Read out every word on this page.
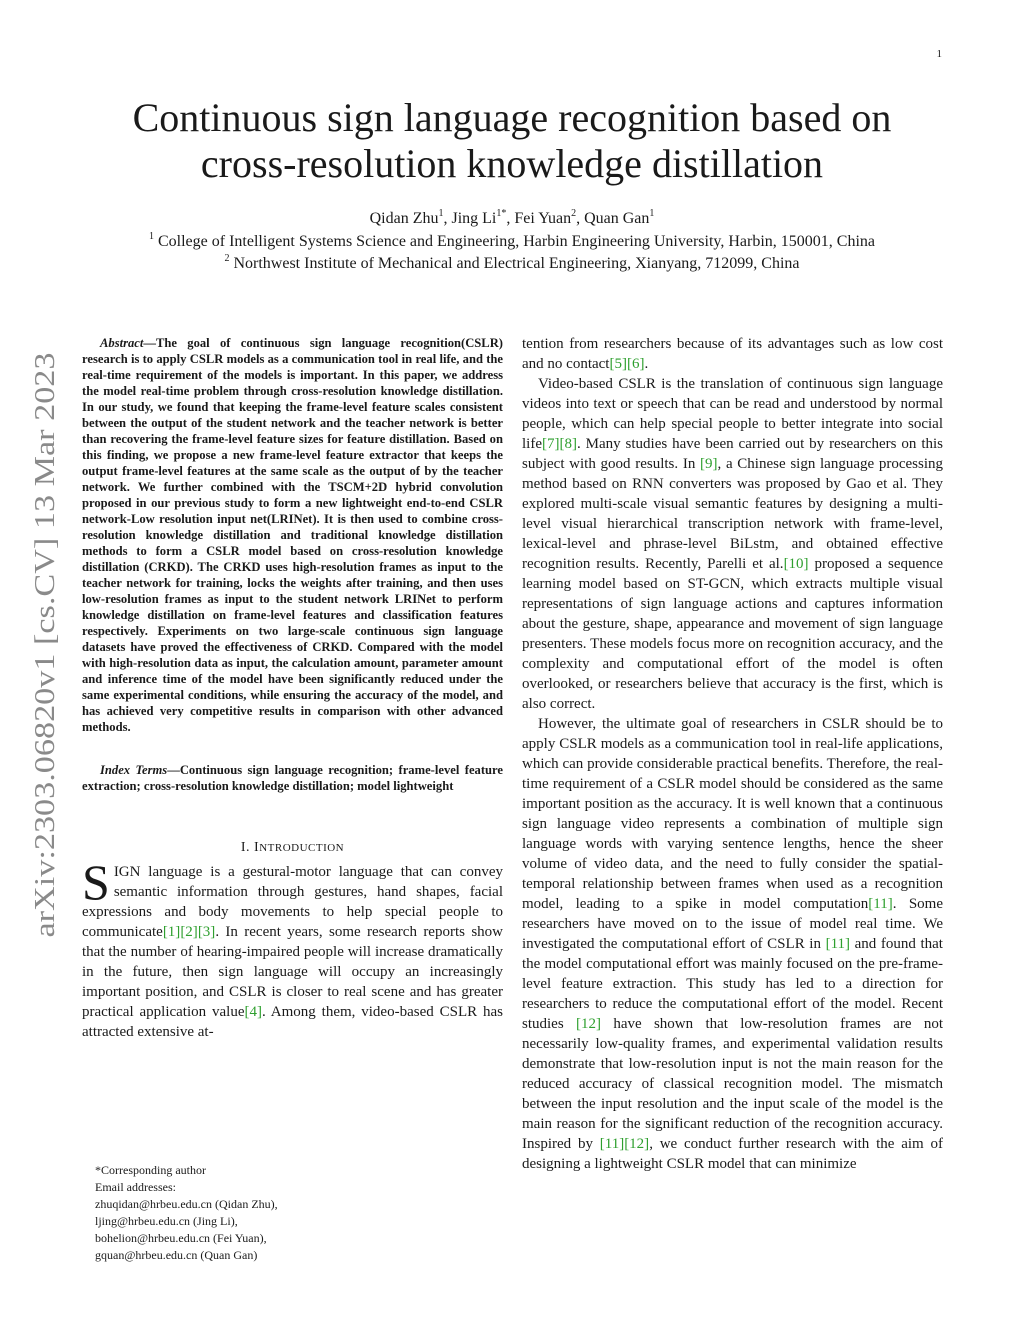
1
arXiv:2303.06820v1 [cs.CV] 13 Mar 2023
Continuous sign language recognition based on
cross-resolution knowledge distillation
Qidan Zhu$^1$, Jing $Li^{1*}$, Fei Yuan$^2$, Quan Gan$^1$
$^1$ College of Intelligent Systems Science and Engineering, Harbin Engineering University, Harbin, 150001, China
$^2$ Northwest Institute of Mechanical and Electrical Engineering, Xianyang, 712099, China

Abstract—The goal of continuous sign language recognition(CSLR) research is to apply CSLR models as a communication tool in real life, and the real-time requirement of the models is important. In this paper, we address the model real-time problem through cross-resolution knowledge distillation. In our study, we found that keeping the frame-level feature scales consistent between the output of the student network and the teacher network is better than recovering the frame-level feature sizes for feature distillation. Based on this finding, we propose a new frame-level feature extractor that keeps the output frame-level features at the same scale as the output of by the teacher network. We further combined with the TSCM+2D hybrid convolution proposed in our previous study to form a new lightweight end-to-end CSLR network-Low resolution input net(LRINet). It is then used to combine cross-resolution knowledge distillation and traditional knowledge distillation methods to form a CSLR model based on cross-resolution knowledge distillation (CRKD). The CRKD uses high-resolution frames as input to the teacher network for training, locks the weights after training, and then uses low-resolution frames as input to the student network LRINet to perform knowledge distillation on frame-level features and classification features respectively. Experiments on two large-scale continuous sign language datasets have proved the effectiveness of CRKD. Compared with the model with high-resolution data as input, the calculation amount, parameter amount and inference time of the model have been significantly reduced under the same experimental conditions, while ensuring the accuracy of the model, and has achieved very competitive results in comparison with other advanced methods.

Index Terms—Continuous sign language recognition; frame-level feature extraction; cross-resolution knowledge distillation; model lightweight

I. INTRODUCTION

SIGN language is a gestural-motor language that can convey semantic information through gestures, hand shapes, facial expressions and body movements to help special people to communicate[1][2][3]. In recent years, some research reports show that the number of hearing-impaired people will increase dramatically in the future, then sign language will occupy an increasingly important position, and CSLR is closer to real scene and has greater practical application value[4]. Among them, video-based CSLR has attracted extensive at-

*Corresponding author
Email addresses:
zhuqidan@hrbeu.edu.cn (Qidan Zhu),
ljing@hrbeu.edu.cn (Jing Li),
bohelion@hrbeu.edu.cn (Fei Yuan),
gquan@hrbeu.edu.cn (Quan Gan)

tention from researchers because of its advantages such as low cost and no contact[5][6].

Video-based CSLR is the translation of continuous sign language videos into text or speech that can be read and understood by normal people, which can help special people to better integrate into social life[7][8]. Many studies have been carried out by researchers on this subject with good results. In [9], a Chinese sign language processing method based on RNN converters was proposed by Gao et al. They explored multi-scale visual semantic features by designing a multi-level visual hierarchical transcription network with frame-level, lexical-level and phrase-level BiLstm, and obtained effective recognition results. Recently, Parelli et al.[10] proposed a sequence learning model based on ST-GCN, which extracts multiple visual representations of sign language actions and captures information about the gesture, shape, appearance and movement of sign language presenters. These models focus more on recognition accuracy, and the complexity and computational effort of the model is often overlooked, or researchers believe that accuracy is the first, which is also correct.

However, the ultimate goal of researchers in CSLR should be to apply CSLR models as a communication tool in real-life applications, which can provide considerable practical benefits. Therefore, the real-time requirement of a CSLR model should be considered as the same important position as the accuracy. It is well known that a continuous sign language video represents a combination of multiple sign language words with varying sentence lengths, hence the sheer volume of video data, and the need to fully consider the spatial-temporal relationship between frames when used as a recognition model, leading to a spike in model computation[11]. Some researchers have moved on to the issue of model real time. We investigated the computational effort of CSLR in [11] and found that the model computational effort was mainly focused on the pre-frame-level feature extraction. This study has led to a direction for researchers to reduce the computational effort of the model. Recent studies [12] have shown that low-resolution frames are not necessarily low-quality frames, and experimental validation results demonstrate that low-resolution input is not the main reason for the reduced accuracy of classical recognition model. The mismatch between the input resolution and the input scale of the model is the main reason for the significant reduction of the recognition accuracy. Inspired by [11][12], we conduct further research with the aim of designing a lightweight CSLR model that can minimize
